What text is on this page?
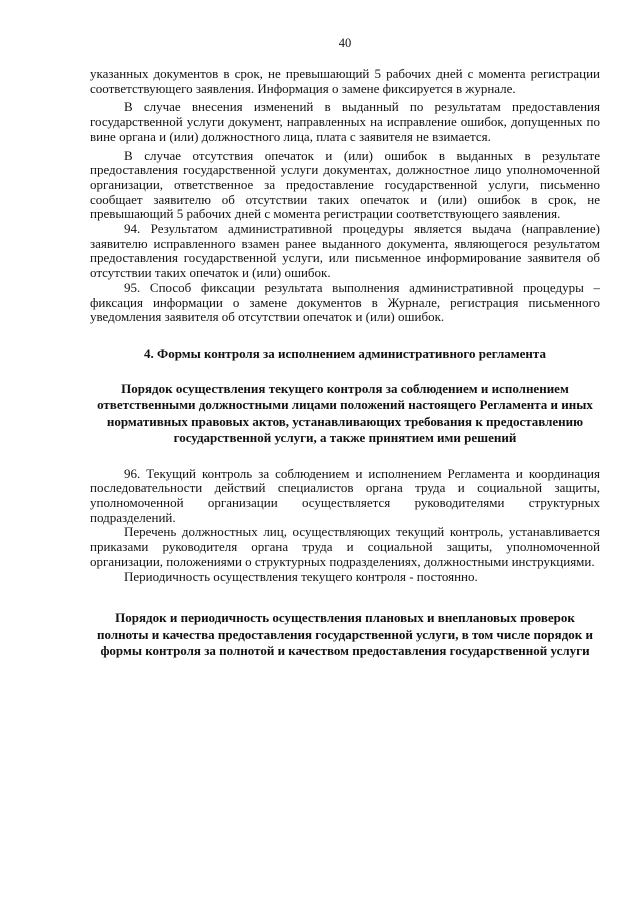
40

указанных документов в срок, не превышающий 5 рабочих дней с момента регистрации соответствующего заявления. Информация о замене фиксируется в журнале.

В случае внесения изменений в выданный по результатам предоставления государственной услуги документ, направленных на исправление ошибок, допущенных по вине органа и (или) должностного лица, плата с заявителя не взимается.

В случае отсутствия опечаток и (или) ошибок в выданных в результате предоставления государственной услуги документах, должностное лицо уполномоченной организации, ответственное за предоставление государственной услуги, письменно сообщает заявителю об отсутствии таких опечаток и (или) ошибок в срок, не превышающий 5 рабочих дней с момента регистрации соответствующего заявления.

94. Результатом административной процедуры является выдача (направление) заявителю исправленного взамен ранее выданного документа, являющегося результатом предоставления государственной услуги, или письменное информирование заявителя об отсутствии таких опечаток и (или) ошибок.

95. Способ фиксации результата выполнения административной процедуры – фиксация информации о замене документов в Журнале, регистрация письменного уведомления заявителя об отсутствии опечаток и (или) ошибок.

4. Формы контроля за исполнением административного регламента
Порядок осуществления текущего контроля за соблюдением и исполнением ответственными должностными лицами положений настоящего Регламента и иных нормативных правовых актов, устанавливающих требования к предоставлению государственной услуги, а также принятием ими решений

96. Текущий контроль за соблюдением и исполнением Регламента и координация последовательности действий специалистов органа труда и социальной защиты, уполномоченной организации осуществляется руководителями структурных подразделений.

Перечень должностных лиц, осуществляющих текущий контроль, устанавливается приказами руководителя органа труда и социальной защиты, уполномоченной организации, положениями о структурных подразделениях, должностными инструкциями.

Периодичность осуществления текущего контроля - постоянно.

Порядок и периодичность осуществления плановых и внеплановых проверок полноты и качества предоставления государственной услуги, в том числе порядок и формы контроля за полнотой и качеством предоставления государственной услуги
